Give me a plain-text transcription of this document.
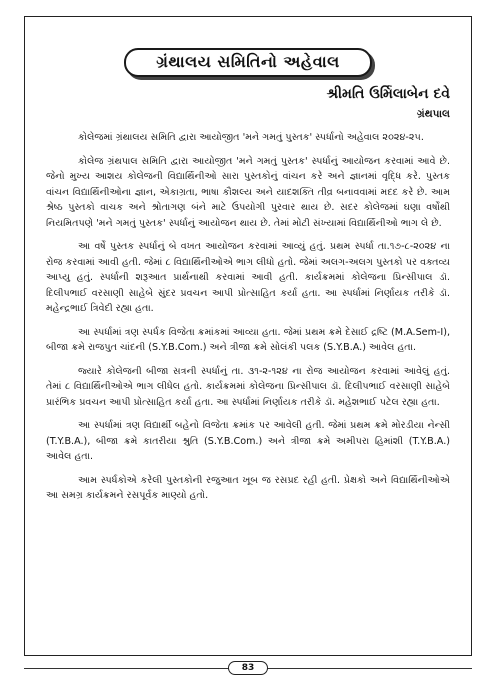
ગ્રંથાલય સમિતિનો અહેવાલ
શ્રીમતિ ઉર્મિલાબેન દવે
ગ્રંથપાલ

કોલેજમાં ગ્રંથાલય સમિતિ દ્વારા આયોજીત 'મને ગમતું પુસ્તક' સ્પર્ધાનો અહેવાલ ૨૦૨૪-૨૫.

કોલેજ ગ્રંથપાલ સમિતિ દ્વારા આયોજીત 'મને ગમતું પુસ્તક' સ્પર્ધાનું આયોજન કરવામાં આવે છે. જેનો મુખ્ય આશય કોલેજની વિદ્યાર્થિનીઓ સારા પુસ્તકોનું વાંચન કરે અને જ્ઞાનમાં વૃદ્ધિ કરે. પુસ્તક વાંચન વિદ્યાર્થિનીઓના જ્ઞાન, એકાગ્રતા, ભાષા કૌશલ્ય અને યાદશક્તિ તીવ્ર બનાવવામાં મદદ કરે છે. આમ શ્રેષ્ઠ પુસ્તકો વાચક અને શ્રોતાગણ બંને માટે ઉપયોગી પુરવાર થાય છે. સદર કોલેજમાં ઘણા વર્ષોથી નિયમિતપણે 'મને ગમતું પુસ્તક' સ્પર્ધાનું આયોજન થાય છે. તેમાં મોટી સંખ્યામાં વિદ્યાર્થિનીઓ ભાગ લે છે.

આ વર્ષે પુસ્તક સ્પર્ધાનું બે વખત આયોજન કરવામાં આવ્યું હતું. પ્રથમ સ્પર્ધા તા.૧૭-૮-૨૦૨૪ ના રોજ કરવામાં આવી હતી. જેમાં ૮ વિદ્યાર્થિનીઓએ ભાગ લીધો હતો. જેમાં અલગ-અલગ પુસ્તકો પર વક્તવ્ય આપ્યુ હતું. સ્પર્ધાની શરૂઆત પ્રાર્થનાથી કરવામાં આવી હતી. કાર્યક્રમમાં કોલેજના પ્રિન્સીપાલ ડૉ. દિલીપભાઈ વરસાણી સાહેબે સુંદર પ્રવચન આપી પ્રોત્સાહિત કર્યા હતા. આ સ્પર્ધામાં નિર્ણાયક તરીકે ડૉ. મહેન્દ્રભાઈ ત્રિવેદી રહ્યા હતા.

આ સ્પર્ધામાં ત્રણ સ્પર્ધક વિજેતા ક્રમાંકમાં આવ્યા હતા. જેમાં પ્રથમ ક્રમે દેસાઈ દ્રષ્ટિ (M.A.Sem-I), બીજા ક્રમે રાજપુત ચાંદની (S.Y.B.Com.) અને ત્રીજા ક્રમે સોલંકી પલક (S.Y.B.A.) આવેલ હતા.

જ્યારે કોલેજની બીજા સત્રની સ્પર્ધાનું તા. ૩૧-૨-૧૨૪ ના રોજ આયોજન કરવામાં આવેલું હતું. તેમાં ૮ વિદ્યાર્થિનીઓએ ભાગ લીધેલ હતો. કાર્યક્રમમાં કોલેજના પ્રિન્સીપાલ ડૉ. દિલીપભાઈ વરસાણી સાહેબે પ્રારંભિક પ્રવચન આપી પ્રોત્સાહિત કર્યા હતા. આ સ્પર્ધામાં નિર્ણાયક તરીકે ડૉ. મહેશભાઈ પટેલ રહ્યા હતા.

આ સ્પર્ધામાં ત્રણ વિદ્યાર્થી બહેનો વિજેતા ક્રમાંક પર આવેલી હતી. જેમાં પ્રથમ ક્રમે મોરડીયા નેન્સી (T.Y.B.A.), બીજા ક્રમે કાતરીયા શ્રુતિ (S.Y.B.Com.) અને ત્રીજા ક્રમે અમીપરા હિમાંશી (T.Y.B.A.) આવેલ હતા.

આમ સ્પર્ધકોએ કરેલી પુસ્તકોની રજુઆત ખૂબ જ રસપ્રદ રહી હતી. પ્રેક્ષકો અને વિદ્યાર્થિનીઓએ આ સમગ્ર કાર્યક્રમને રસપૂર્વક માણ્યો હતો.

83
